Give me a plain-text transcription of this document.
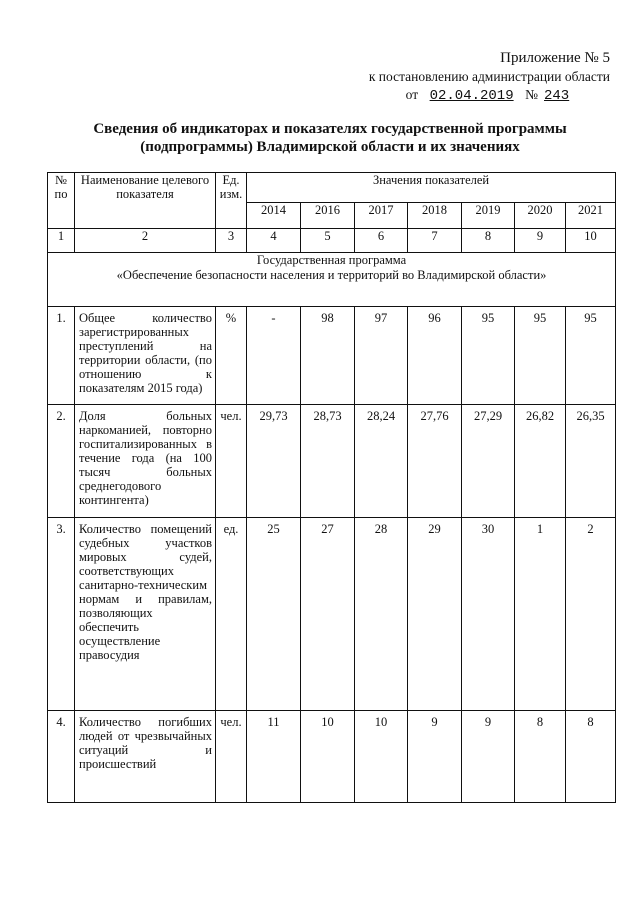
Приложение № 5
к постановлению администрации области
от 02.04.2019 № 243
Сведения об индикаторах и показателях государственной программы
(подпрограммы) Владимирской области и их значениях
№ по	Наименование целевого показателя	Ед. изм.	Значения показателей						
			2014	2016	2017	2018	2019	2020	2021
1	2	3	4	5	6	7	8	9	10

Государственная программа
«Обеспечение безопасности населения и территорий во Владимирской области»									

1.	Общее количество зарегистрированных преступлений на территории области, (по отношению к показателям 2015 года)	%	-	98	97	96	95	95	95
2.	Доля больных наркоманией, повторно госпитализированных в течение года (на 100 тысяч больных среднегодового контингента)	чел.	29,73	28,73	28,24	27,76	27,29	26,82	26,35
3.	Количество помещений судебных участков мировых судей, соответствующих санитарно-техническим нормам и правилам, позволяющих обеспечить осуществление правосудия	ед.	25	27	28	29	30	1	2
4.	Количество погибших людей от чрезвычайных ситуаций и происшествий	чел.	11	10	10	9	9	8	8
